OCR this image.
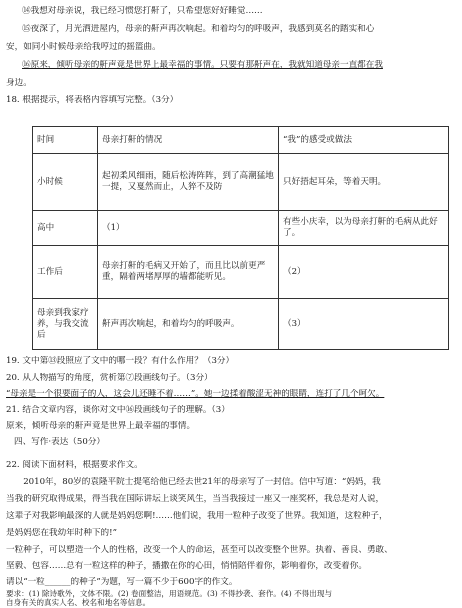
⑭我想对母亲说，我已经习惯您打鼾了，只希望您好好睡觉……
⑮夜深了，月光洒进屋内，母亲的鼾声再次响起。和着均匀的呼吸声，我感到莫名的踏实和心
安，如同小时候母亲给我哼过的摇篮曲。
⑯原来，倾听母亲的鼾声竟是世界上最幸福的事情。只要有那鼾声在，我就知道母亲一直都在我
身边。
18. 根据提示，将表格内容填写完整。（3分）
时间	母亲打鼾的情况	“我”的感受或做法
小时候	起初柔风细雨，随后松涛阵阵，到了高潮猛地一提，又戛然而止，人猝不及防	只好捂起耳朵，等着天明。
高中	（1）	有些小庆幸，以为母亲打鼾的毛病从此好了。
工作后	母亲打鼾的毛病又开始了，而且比以前更严重，隔着两堵厚厚的墙都能听见。	（2）
母亲到我家疗养，与我交流后	鼾声再次响起，和着均匀的呼吸声。	（3）
19. 文中第⑬段照应了文中的哪一段？有什么作用？（3分）
20. 从人物描写的角度，赏析第⑦段画线句子。（3分）
“母亲是一个很要面子的人，这会儿还睡不着……”。她一边揉着酸涩无神的眼睛，连打了几个呵欠。
21. 结合文章内容，谈你对文中⑯段画线句子的理解。（3）
原来，倾听母亲的鼾声竟是世界上最幸福的事情。
四、写作·表达（50分）
22. 阅读下面材料，根据要求作文。
　　2010年，80岁的袁隆平院士提笔给他已经去世21年的母亲写了一封信。信中写道：“妈妈，我
当我的研究取得成果，得当我在国际讲坛上谈笑风生，当当我接过一座又一座奖杯，我总是对人说，
这辈子对我影响最深的人就是妈妈您啊!……他们说，我用一粒种子改变了世界。我知道，这粒种子，
是妈妈您在我幼年时种下的!”
一粒种子，可以塑造一个人的性格，改变一个人的命运，甚至可以改变整个世界。执着、善良、勇敢、
坚毅、包容……总有一粒这样的种子，播撒在你的心田，悄悄陪伴着你，影响着你，改变着你。
请以“一粒______的种子”为题，写一篇不少于600字的作文。
要求：(1) 除诗歌外，文体不限。(2) 卷面整洁，用语规范。(3) 不得抄袭、套作。(4) 不得出现与
自身有关的真实人名、校名和地名等信息。
